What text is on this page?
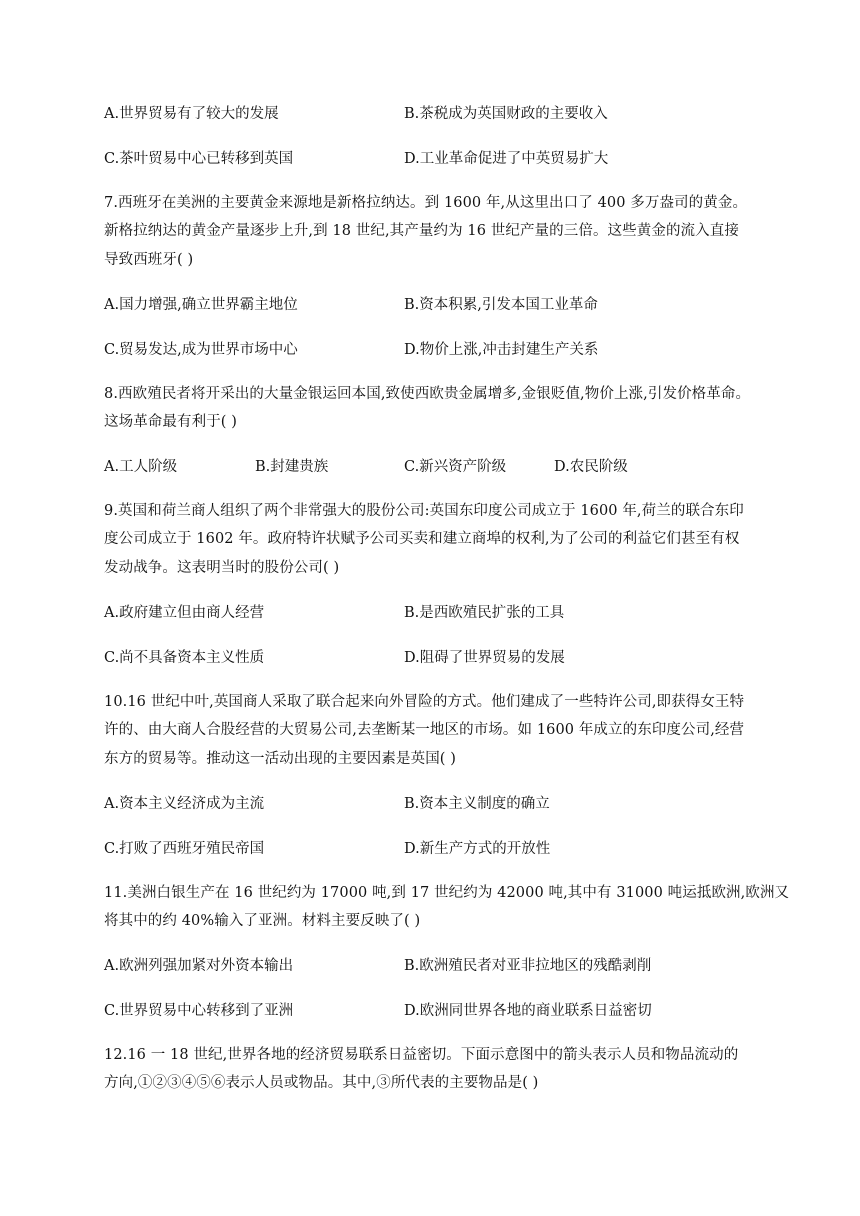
A.世界贸易有了较大的发展	B.茶税成为英国财政的主要收入
C.茶叶贸易中心已转移到英国	D.工业革命促进了中英贸易扩大
7.西班牙在美洲的主要黄金来源地是新格拉纳达。到 1600 年,从这里出口了 400 多万盎司的黄金。
新格拉纳达的黄金产量逐步上升,到 18 世纪,其产量约为 16 世纪产量的三倍。这些黄金的流入直接
导致西班牙( )
A.国力增强,确立世界霸主地位	B.资本积累,引发本国工业革命
C.贸易发达,成为世界市场中心	D.物价上涨,冲击封建生产关系
8.西欧殖民者将开采出的大量金银运回本国,致使西欧贵金属增多,金银贬值,物价上涨,引发价格革命。
这场革命最有利于( )
A.工人阶级	B.封建贵族	C.新兴资产阶级	D.农民阶级
9.英国和荷兰商人组织了两个非常强大的股份公司:英国东印度公司成立于 1600 年,荷兰的联合东印
度公司成立于 1602 年。政府特许状赋予公司买卖和建立商埠的权利,为了公司的利益它们甚至有权
发动战争。这表明当时的股份公司( )
A.政府建立但由商人经营	B.是西欧殖民扩张的工具
C.尚不具备资本主义性质	D.阻碍了世界贸易的发展
10.16 世纪中叶,英国商人采取了联合起来向外冒险的方式。他们建成了一些特许公司,即获得女王特
许的、由大商人合股经营的大贸易公司,去垄断某一地区的市场。如 1600 年成立的东印度公司,经营
东方的贸易等。推动这一活动出现的主要因素是英国( )
A.资本主义经济成为主流	B.资本主义制度的确立
C.打败了西班牙殖民帝国	D.新生产方式的开放性
11.美洲白银生产在 16 世纪约为 17000 吨,到 17 世纪约为 42000 吨,其中有 31000 吨运抵欧洲,欧洲又
将其中的约 40%输入了亚洲。材料主要反映了( )
A.欧洲列强加紧对外资本输出	B.欧洲殖民者对亚非拉地区的残酷剥削
C.世界贸易中心转移到了亚洲	D.欧洲同世界各地的商业联系日益密切
12.16 一 18 世纪,世界各地的经济贸易联系日益密切。下面示意图中的箭头表示人员和物品流动的
方向,①②③④⑤⑥表示人员或物品。其中,③所代表的主要物品是( )
